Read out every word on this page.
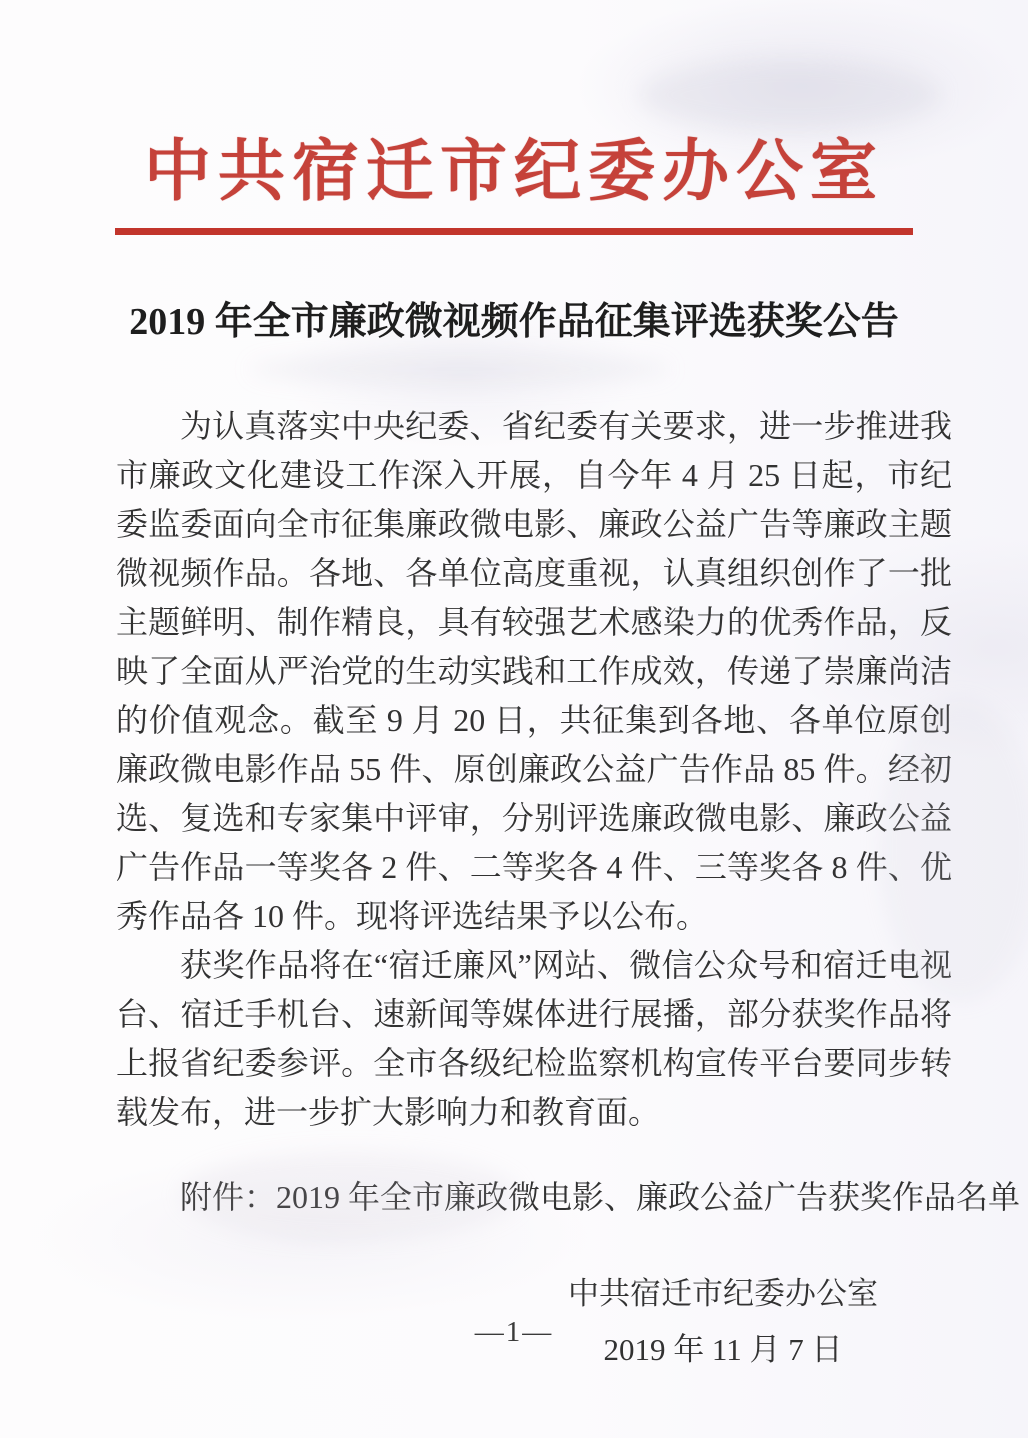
中共宿迁市纪委办公室
2019 年全市廉政微视频作品征集评选获奖公告

为认真落实中央纪委、省纪委有关要求，进一步推进我市廉政文化建设工作深入开展，自今年 4 月 25 日起，市纪委监委面向全市征集廉政微电影、廉政公益广告等廉政主题微视频作品。各地、各单位高度重视，认真组织创作了一批主题鲜明、制作精良，具有较强艺术感染力的优秀作品，反映了全面从严治党的生动实践和工作成效，传递了崇廉尚洁的价值观念。截至 9 月 20 日，共征集到各地、各单位原创廉政微电影作品 55 件、原创廉政公益广告作品 85 件。经初选、复选和专家集中评审，分别评选廉政微电影、廉政公益广告作品一等奖各 2 件、二等奖各 4 件、三等奖各 8 件、优秀作品各 10 件。现将评选结果予以公布。

获奖作品将在“宿迁廉风”网站、微信公众号和宿迁电视台、宿迁手机台、速新闻等媒体进行展播，部分获奖作品将上报省纪委参评。全市各级纪检监察机构宣传平台要同步转载发布，进一步扩大影响力和教育面。

附件：2019 年全市廉政微电影、廉政公益广告获奖作品名单

中共宿迁市纪委办公室
2019 年 11 月 7 日
—1—
